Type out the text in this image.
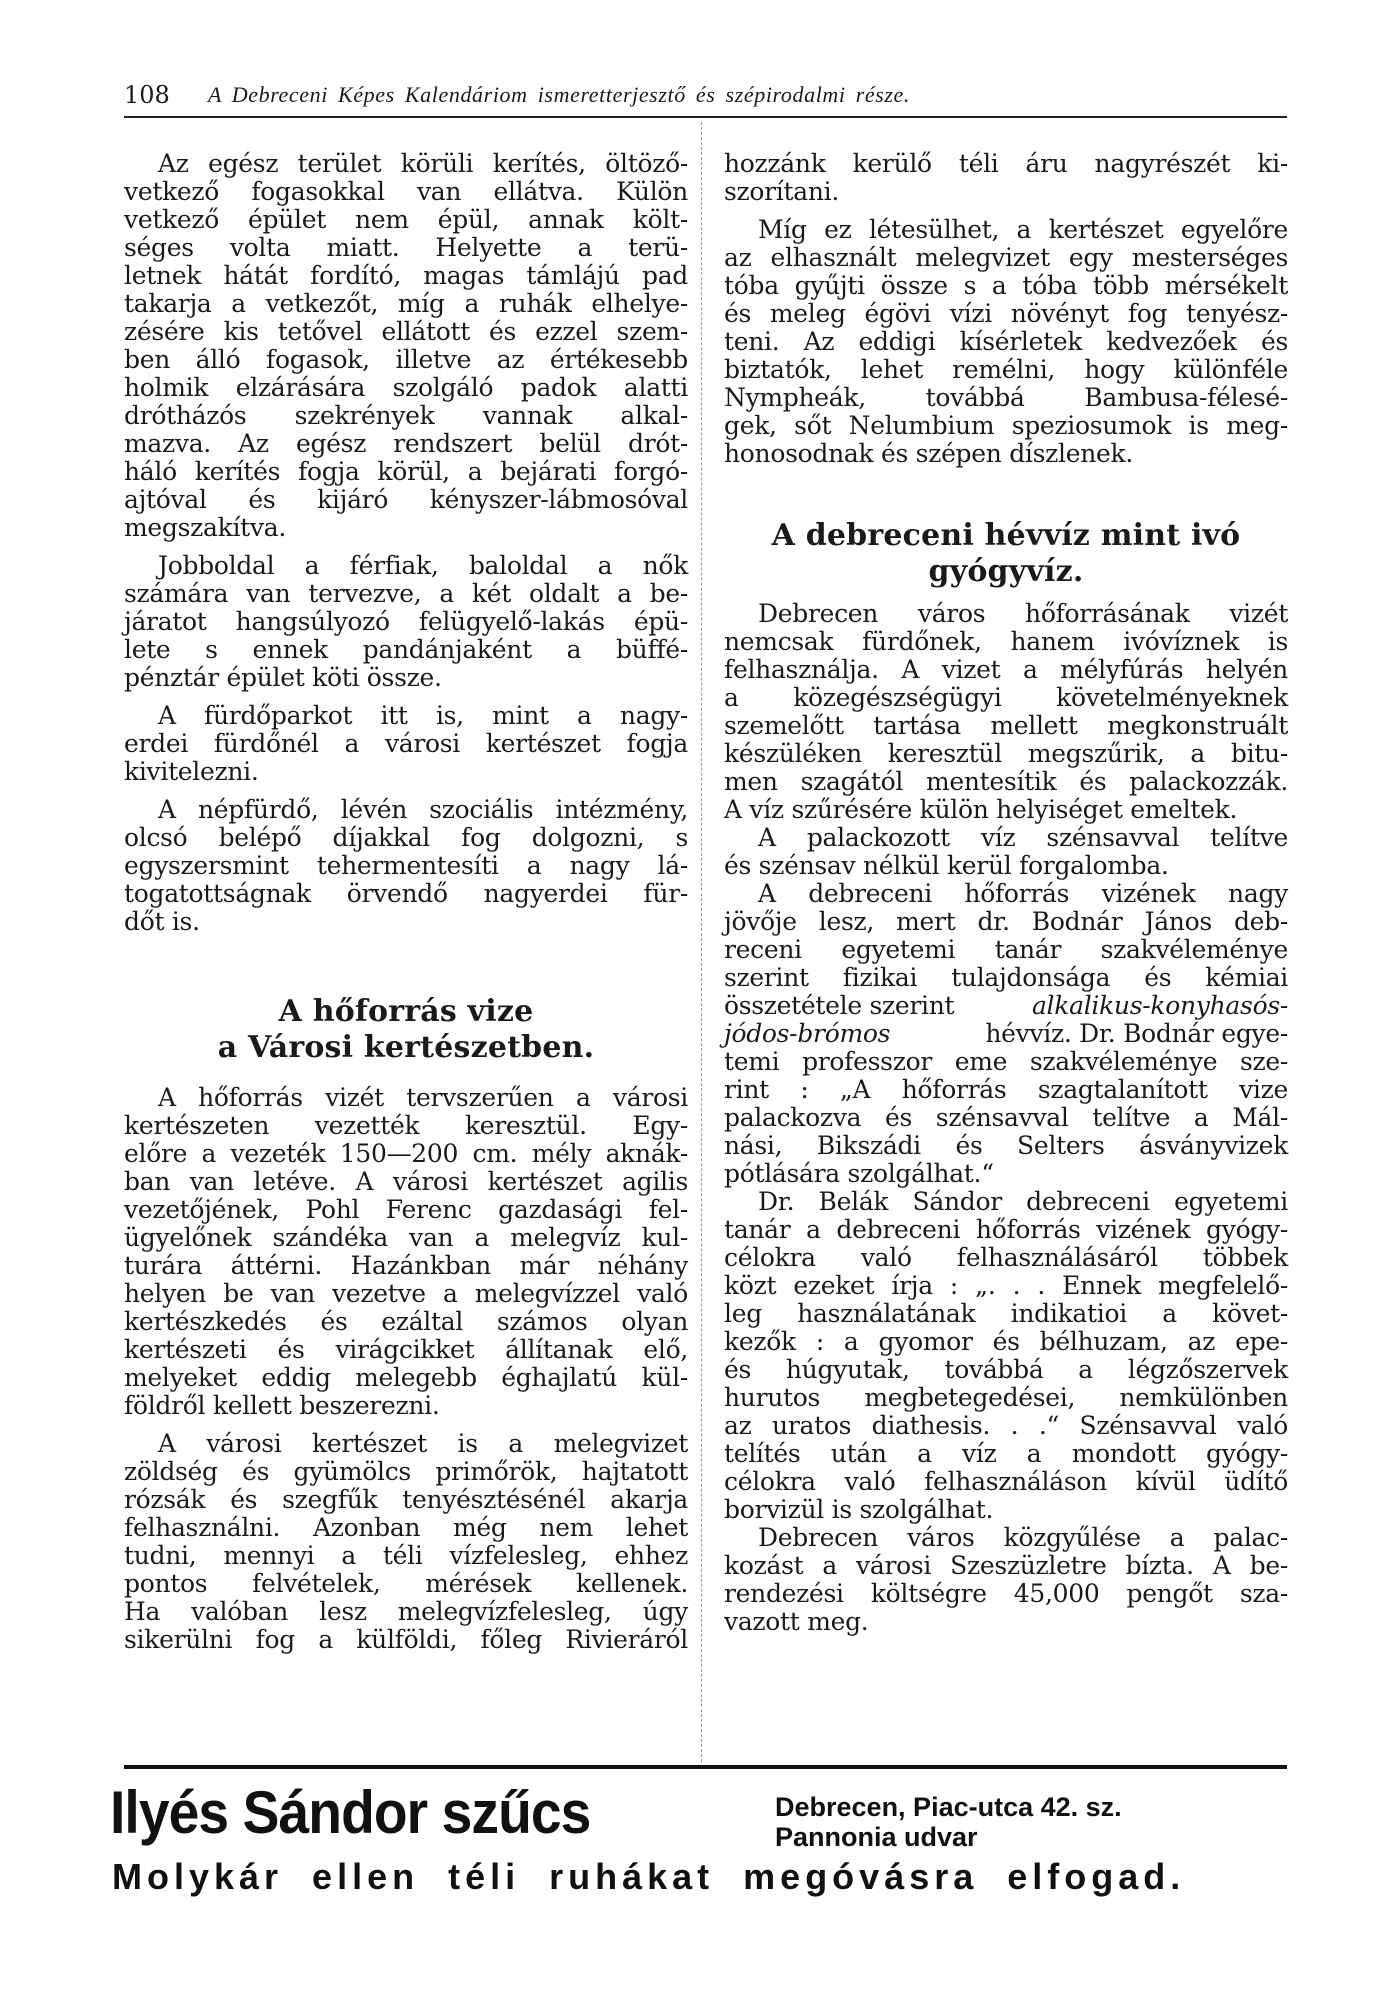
108 A Debreceni Képes Kalendáriom ismeretterjesztő és szépirodalmi része.
Az egész terület körüli kerítés, öltöző-
vetkező fogasokkal van ellátva. Külön
vetkező épület nem épül, annak költ-
séges volta miatt. Helyette a terü-
letnek hátát fordító, magas támlájú pad
takarja a vetkezőt, míg a ruhák elhelye-
zésére kis tetővel ellátott és ezzel szem-
ben álló fogasok, illetve az értékesebb
holmik elzárására szolgáló padok alatti
drótházós szekrények vannak alkal-
mazva. Az egész rendszert belül drót-
háló kerítés fogja körül, a bejárati forgó-
ajtóval és kijáró kényszer-lábmosóval
megszakítva.
Jobboldal a férfiak, baloldal a nők
számára van tervezve, a két oldalt a be-
járatot hangsúlyozó felügyelő-lakás épü-
lete s ennek pandánjaként a büffé-
pénztár épület köti össze.
A fürdőparkot itt is, mint a nagy-
erdei fürdőnél a városi kertészet fogja
kivitelezni.
A népfürdő, lévén szociális intézmény,
olcsó belépő díjakkal fog dolgozni, s
egyszersmint tehermentesíti a nagy lá-
togatottságnak örvendő nagyerdei für-
dőt is.
A hőforrás vize
a Városi kertészetben.
A hőforrás vizét tervszerűen a városi
kertészeten vezették keresztül. Egy-
előre a vezeték 150—200 cm. mély aknák-
ban van letéve. A városi kertészet agilis
vezetőjének, Pohl Ferenc gazdasági fel-
ügyelőnek szándéka van a melegvíz kul-
turára áttérni. Hazánkban már néhány
helyen be van vezetve a melegvízzel való
kertészkedés és ezáltal számos olyan
kertészeti és virágcikket állítanak elő,
melyeket eddig melegebb éghajlatú kül-
földről kellett beszerezni.
A városi kertészet is a melegvizet
zöldség és gyümölcs primőrök, hajtatott
rózsák és szegfűk tenyésztésénél akarja
felhasználni. Azonban még nem lehet
tudni, mennyi a téli vízfelesleg, ehhez
pontos felvételek, mérések kellenek.
Ha valóban lesz melegvízfelesleg, úgy
sikerülni fog a külföldi, főleg Rivieráról
hozzánk kerülő téli áru nagyrészét ki-
szorítani.
Míg ez létesülhet, a kertészet egyelőre
az elhasznált melegvizet egy mesterséges
tóba gyűjti össze s a tóba több mérsékelt
és meleg égövi vízi növényt fog tenyész-
teni. Az eddigi kísérletek kedvezőek és
biztatók, lehet remélni, hogy különféle
Nympheák, továbbá Bambusa-félesé-
gek, sőt Nelumbium speziosumok is meg-
honosodnak és szépen díszlenek.
A debreceni hévvíz mint ivó
gyógyvíz.
Debrecen város hőforrásának vizét
nemcsak fürdőnek, hanem ivóvíznek is
felhasználja. A vizet a mélyfúrás helyén
a közegészségügyi követelményeknek
szemelőtt tartása mellett megkonstruált
készüléken keresztül megszűrik, a bitu-
men szagától mentesítik és palackozzák.
A víz szűrésére külön helyiséget emeltek.
A palackozott víz szénsavval telítve
és szénsav nélkül kerül forgalomba.
A debreceni hőforrás vizének nagy
jövője lesz, mert dr. Bodnár János deb-
receni egyetemi tanár szakvéleménye
szerint fizikai tulajdonsága és kémiai
összetétele szerint	alkalikus-konyhasós-
jódos-brómos	hévvíz. Dr. Bodnár egye-
temi professzor eme szakvéleménye sze-
rint : „A hőforrás szagtalanított vize
palackozva és szénsavval telítve a Mál-
nási, Bikszádi és Selters ásványvizek
pótlására szolgálhat.“
Dr. Belák Sándor debreceni egyetemi
tanár a debreceni hőforrás vizének gyógy-
célokra való felhasználásáról többek
közt ezeket írja : „. . . Ennek megfelelő-
leg használatának indikatioi a követ-
kezők : a gyomor és bélhuzam, az epe-
és húgyutak, továbbá a légzőszervek
hurutos megbetegedései, nemkülönben
az uratos diathesis. . .“ Szénsavval való
telítés után a víz a mondott gyógy-
célokra való felhasználáson kívül üdítő
borvizül is szolgálhat.
Debrecen város közgyűlése a palac-
kozást a városi Szeszüzletre bízta. A be-
rendezési költségre 45,000 pengőt sza-
vazott meg.
Ilyés Sándor szűcs	Debrecen, Piac-utca 42. sz.
Pannonia udvar
Molykár ellen téli ruhákat megóvásra elfogad.
